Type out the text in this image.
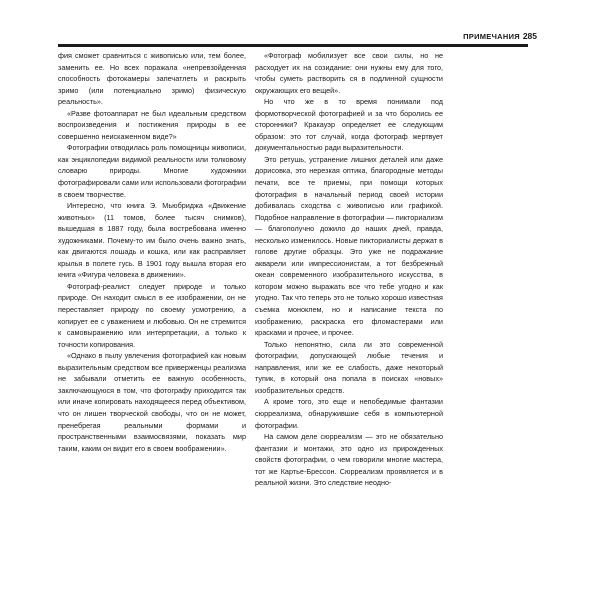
ПРИМЕЧАНИЯ 285

фия сможет сравниться с живописью или, тем более, заменить ее. Но всех поражала «непревзойденная способность фотокамеры запечатлеть и раскрыть зримо (или потенциально зримо) физическую реальность».

«Разве фотоаппарат не был идеальным средством воспроизведения и постижения природы в ее совершенно неискаженном виде?»

Фотографии отводилась роль помощницы живописи, как энциклопедии видимой реальности или толковому словарю природы. Многие художники фотографировали сами или использовали фотографии в своем творчестве.

Интересно, что книга Э. Мьюбриджа «Движение животных» (11 томов, более тысяч снимков), вышедшая в 1887 году, была востребована именно художниками. Почему-то им было очень важно знать, как двигаются лошадь и кошка, или как расправляет крылья в полете гусь. В 1901 году вышла вторая его книга «Фигура человека в движении».

Фотограф-реалист следует природе и только природе. Он находит смысл в ее изображении, он не переставляет природу по своему усмотрению, а копирует ее с уважением и любовью. Он не стремится к самовыражению или интерпретации, а только к точности копирования.

«Однако в пылу увлечения фотографией как новым выразительным средством все приверженцы реализма не забывали отметить ее важную особенность, заключающуюся в том, что фотографу приходится так или иначе копировать находящееся перед объективом, что он лишен творческой свободы, что он не может, пренебрегая реальными формами и пространственными взаимосвязями, показать мир таким, каким он видит его в своем воображении».

«Фотограф мобилизует все свои силы, но не расходует их на созидание: они нужны ему для того, чтобы суметь растворить ся в подлинной сущности окружающих его вещей».

Но что же в то время понимали под формотворческой фотографией и за что боролись ее сторонники? Кракауэр определяет ее следующим образом: это тот случай, когда фотограф жертвует документальностью ради выразительности.

Это ретушь, устранение лишних деталей или даже дорисовка, это нерезкая оптика, благородные методы печати, все те приемы, при помощи которых фотография в начальный период своей истории добивалась сходства с живописью или графикой. Подобное направление в фотографии — пикториализм — благополучно дожило до наших дней, правда, несколько изменилось. Новые пикториалисты держат в голове другие образцы. Это уже не подражание акварели или импрессионистам, а тот безбрежный океан современного изобразительного искусства, в котором можно выражать все что тебе угодно и как угодно. Так что теперь это не только хорошо известная съемка моноклем, но и написание текста по изображению, раскраска его фломастерами или красками и прочее, и прочее.

Только непонятно, сила ли это современной фотографии, допускающей любые течения и направления, или же ее слабость, даже некоторый тупик, в который она попала в поисках «новых» изобразительных средств.

А кроме того, это еще и непобедимые фантазии сюрреализма, обнаружившие себя в компьютерной фотографии.

На самом деле сюрреализм — это не обязательно фантазии и монтажи, это одно из прирожденных свойств фотографии, о чем говорили многие мастера, тот же Картье-Брессон. Сюрреализм проявляется и в реальной жизни. Это следствие неодно-
